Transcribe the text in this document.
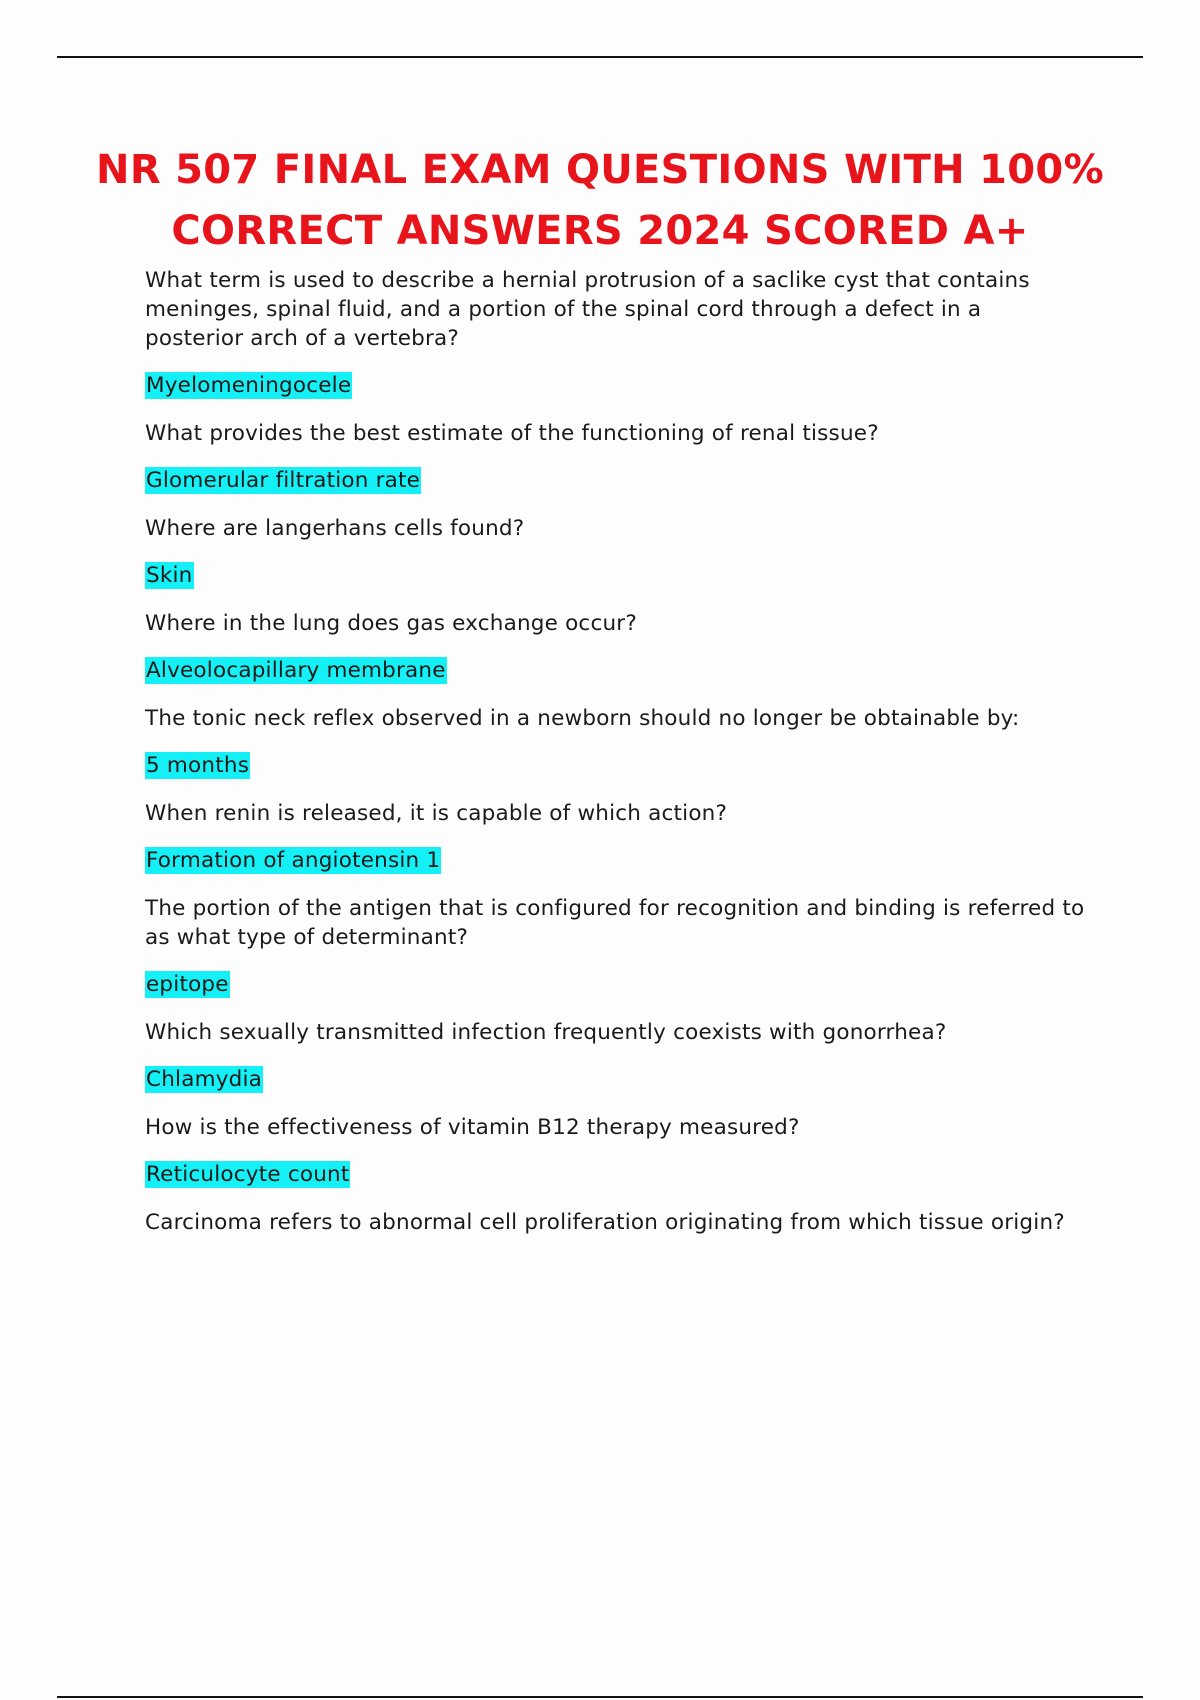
NR 507 FINAL EXAM QUESTIONS WITH 100% CORRECT ANSWERS 2024 SCORED A+

What term is used to describe a hernial protrusion of a saclike cyst that contains meninges, spinal fluid, and a portion of the spinal cord through a defect in a posterior arch of a vertebra?

Myelomeningocele

What provides the best estimate of the functioning of renal tissue?

Glomerular filtration rate

Where are langerhans cells found?

Skin

Where in the lung does gas exchange occur?

Alveolocapillary membrane

The tonic neck reflex observed in a newborn should no longer be obtainable by:

5 months

When renin is released, it is capable of which action?

Formation of angiotensin 1

The portion of the antigen that is configured for recognition and binding is referred to as what type of determinant?

epitope

Which sexually transmitted infection frequently coexists with gonorrhea?

Chlamydia

How is the effectiveness of vitamin B12 therapy measured?

Reticulocyte count

Carcinoma refers to abnormal cell proliferation originating from which tissue origin?
